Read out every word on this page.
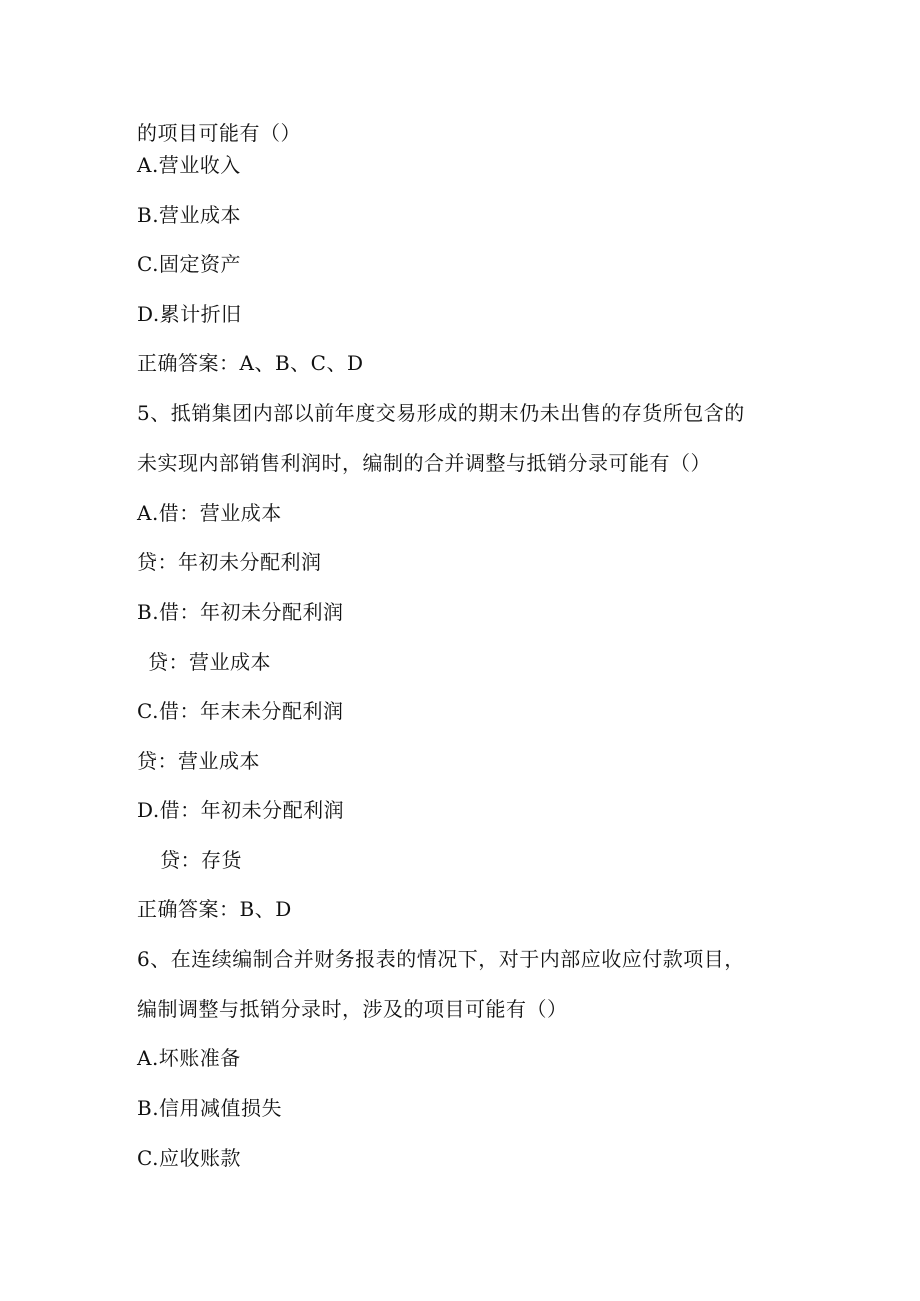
的项目可能有（）
A.营业收入
B.营业成本
C.固定资产
D.累计折旧
正确答案：A、B、C、D
5、抵销集团内部以前年度交易形成的期末仍未出售的存货所包含的
未实现内部销售利润时，编制的合并调整与抵销分录可能有（）
A.借：营业成本
贷：年初未分配利润
B.借：年初未分配利润
贷：营业成本
C.借：年末未分配利润
贷：营业成本
D.借：年初未分配利润
贷：存货
正确答案：B、D
6、在连续编制合并财务报表的情况下，对于内部应收应付款项目，
编制调整与抵销分录时，涉及的项目可能有（）
A.坏账准备
B.信用减值损失
C.应收账款
